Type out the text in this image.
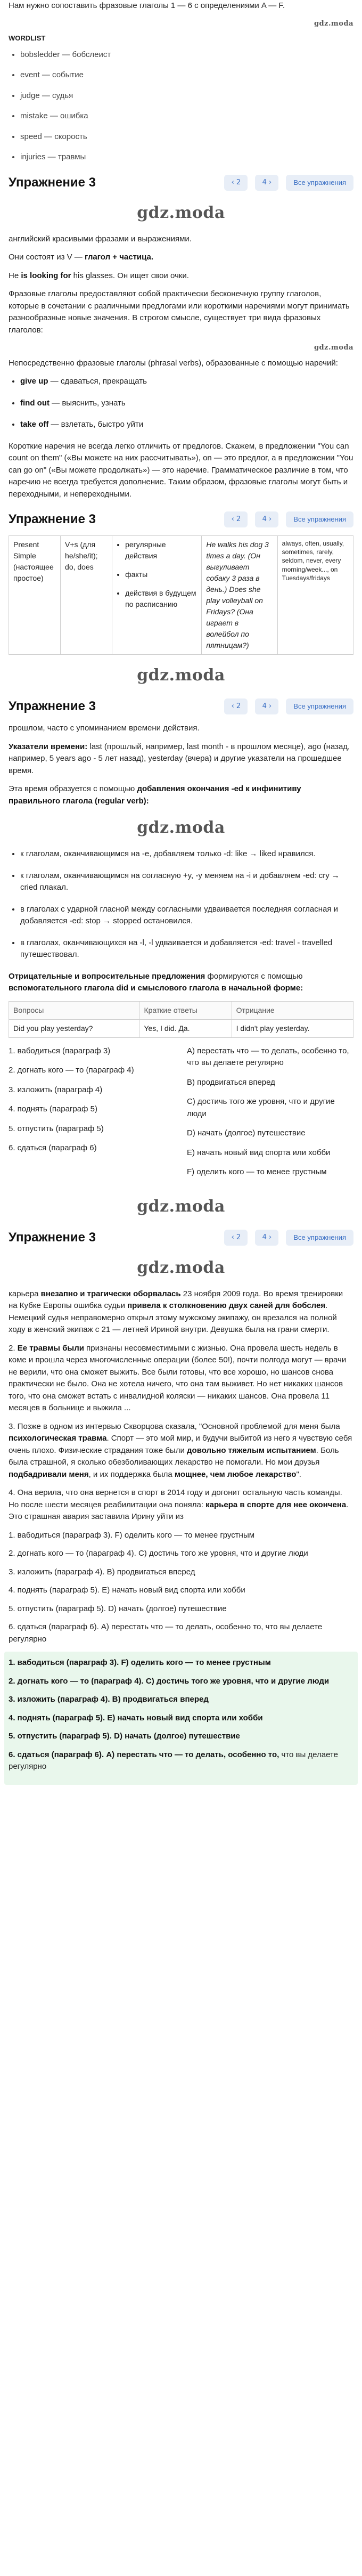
Нам нужно сопоставить фразовые глаголы 1 — 6 с определениями A — F.

gdz.moda
WORDLIST
• bobsledder — бобслеист
• event — событие
• judge — судья
• mistake — ошибка
• speed — скорость
• injuries — травмы
Упражнение 3	‹ 2	4 ›	Все упражнения
gdz.moda

английский красивыми фразами и выражениями.

Они состоят из V — глагол + частица.

He is looking for his glasses. Он ищет свои очки.

Фразовые глаголы предоставляют собой практически бесконечную группу глаголов, которые в сочетании с различными предлогами или короткими наречиями могут принимать разнообразные новые значения. В строгом смысле, существует три вида фразовых глаголов:

gdz.moda

Непосредственно фразовые глаголы (phrasal verbs), образованные с помощью наречий:

• give up — сдаваться, прекращать
• find out — выяснить, узнать
• take off — взлетать, быстро уйти

Короткие наречия не всегда легко отличить от предлогов. Скажем, в предложении "You can count on them" («Вы можете на них рассчитывать»), on — это предлог, а в предложении "You can go on" («Вы можете продолжать») — это наречие. Грамматическое различие в том, что наречию не всегда требуется дополнение. Таким образом, фразовые глаголы могут быть и переходными, и непереходными.

Упражнение 3	‹ 2	4 ›	Все упражнения
Present Simple (настоящее простое)	V+s (для he/she/it); do, does	
• регулярные действия
• факты
• действия в будущем по расписанию
	He walks his dog 3 times a day. (Он выгуливает собаку 3 раза в день.) Does she play volleyball on Fridays? (Она играет в волейбол по пятницам?)	always, often, usually, sometimes, rarely, seldom, never, every morning/week..., on Tuesdays/fridays
gdz.moda
Упражнение 3	‹ 2	4 ›	Все упражнения

прошлом, часто с упоминанием времени действия.

Указатели времени: last (прошлый, например, last month - в прошлом месяце), ago (назад, например, 5 years ago - 5 лет назад), yesterday (вчера) и другие указатели на прошедшее время.

Эта время образуется с помощью добавления окончания -ed к инфинитиву правильного глагола (regular verb):

gdz.moda
• к глаголам, оканчивающимся на -e, добавляем только -d: like → liked нравился.
• к глаголам, оканчивающимся на согласную +y, -y меняем на -i и добавляем -ed: cry → cried плакал.
• в глаголах с ударной гласной между согласными удваивается последняя согласная и добавляется -ed: stop → stopped остановился.
• в глаголах, оканчивающихся на -l, -l удваивается и добавляется -ed: travel - travelled путешествовал.

Отрицательные и вопросительные предложения формируются с помощью вспомогательного глагола did и смыслового глагола в начальной форме:

Вопросы	Краткие ответы	Отрицание
Did you play yesterday?	Yes, I did. Да.	I didn't play yesterday.
1. вабодиться (параграф 3)
2. догнать кого — то (параграф 4)
3. изложить (параграф 4)
4. поднять (параграф 5)
5. отпустить (параграф 5)
6. сдаться (параграф 6)
A) перестать что — то делать, особенно то, что вы делаете регулярно
B) продвигаться вперед
C) достичь того же уровня, что и другие люди
D) начать (долгое) путешествие
E) начать новый вид спорта или хобби
F) оделить кого — то менее грустным
gdz.moda
Упражнение 3	‹ 2	4 ›	Все упражнения
gdz.moda

карьера внезапно и трагически оборвалась 23 ноября 2009 года. Во время тренировки на Кубке Европы ошибка судьи привела к столкновению двух саней для бобслея. Немецкий судья неправомерно открыл этому мужскому экипажу, он врезался на полной ходу в женский экипаж с 21 — летней Ириной внутри. Девушка была на грани смерти.

2. Ее травмы были признаны несовместимыми с жизнью. Она провела шесть недель в коме и прошла через многочисленные операции (более 50!), почти полгода могут — врачи не верили, что она сможет выжить. Все были готовы, что все хорошо, но шансов снова практически не было. Она не хотела ничего, что она там выживет. Но нет никаких шансов того, что она сможет встать с инвалидной коляски — никаких шансов. Она провела 11 месяцев в больнице и выжила ...

3. Позже в одном из интервью Скворцова сказала, "Основной проблемой для меня была психологическая травма. Спорт — это мой мир, и будучи выбитой из него я чувствую себя очень плохо. Физические страдания тоже были довольно тяжелым испытанием. Боль была страшной, я сколько обезболивающих лекарство не помогали. Но мои друзья подбадривали меня, и их поддержка была мощнее, чем любое лекарство".

4. Она верила, что она вернется в спорт в 2014 году и догонит остальную часть команды. Но после шести месяцев реабилитации она поняла: карьера в спорте для нее окончена. Это страшная авария заставила Ирину уйти из

1. вабодиться (параграф 3). F) оделить кого — то менее грустным
2. догнать кого — то (параграф 4). C) достичь того же уровня, что и другие люди
3. изложить (параграф 4). B) продвигаться вперед
4. поднять (параграф 5). E) начать новый вид спорта или хобби
5. отпустить (параграф 5). D) начать (долгое) путешествие
6. сдаться (параграф 6). A) перестать что — то делать, особенно то, что вы делаете регулярно
1. вабодиться (параграф 3). F) оделить кого — то менее грустным
2. догнать кого — то (параграф 4). C) достичь того же уровня, что и другие люди
3. изложить (параграф 4). B) продвигаться вперед
4. поднять (параграф 5). E) начать новый вид спорта или хобби
5. отпустить (параграф 5). D) начать (долгое) путешествие
6. сдаться (параграф 6). A) перестать что — то делать, особенно то, что вы делаете регулярно
